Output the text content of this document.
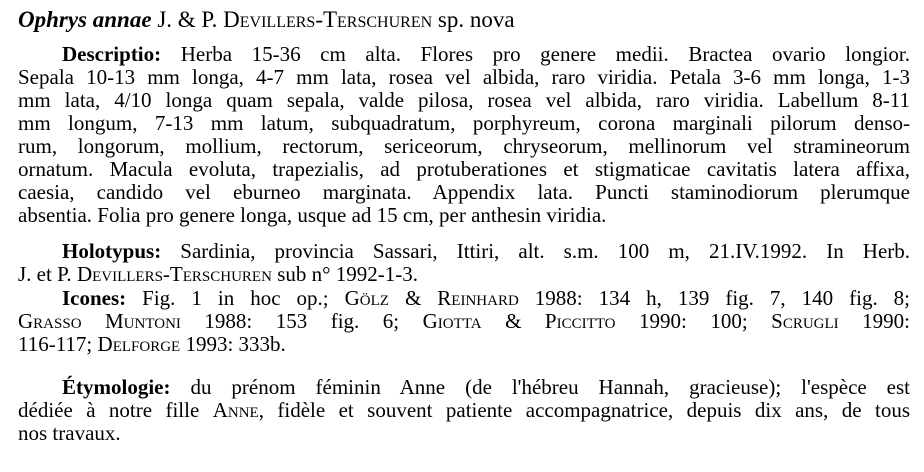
Ophrys annae J. & P. Devillers-Terschuren sp. nova

Descriptio: Herba 15-36 cm alta. Flores pro genere medii. Bractea ovario longior.

Sepala 10-13 mm longa, 4-7 mm lata, rosea vel albida, raro viridia. Petala 3-6 mm longa, 1-3

mm lata, 4/10 longa quam sepala, valde pilosa, rosea vel albida, raro viridia. Labellum 8-11

mm longum, 7-13 mm latum, subquadratum, porphyreum, corona marginali pilorum denso-

rum, longorum, mollium, rectorum, sericeorum, chryseorum, mellinorum vel stramineorum

ornatum. Macula evoluta, trapezialis, ad protuberationes et stigmaticae cavitatis latera affixa,

caesia, candido vel eburneo marginata. Appendix lata. Puncti staminodiorum plerumque

absentia. Folia pro genere longa, usque ad 15 cm, per anthesin viridia.

Holotypus: Sardinia, provincia Sassari, Ittiri, alt. s.m. 100 m, 21.IV.1992. In Herb.

J. et P. Devillers-Terschuren sub n° 1992-1-3.

Icones: Fig. 1 in hoc op.; Gölz & Reinhard 1988: 134 h, 139 fig. 7, 140 fig. 8;

Grasso Muntoni 1988: 153 fig. 6; Giotta & Piccitto 1990: 100; Scrugli 1990:

116-117; Delforge 1993: 333b.

Étymologie: du prénom féminin Anne (de l'hébreu Hannah, gracieuse); l'espèce est

dédiée à notre fille Anne, fidèle et souvent patiente accompagnatrice, depuis dix ans, de tous

nos travaux.
